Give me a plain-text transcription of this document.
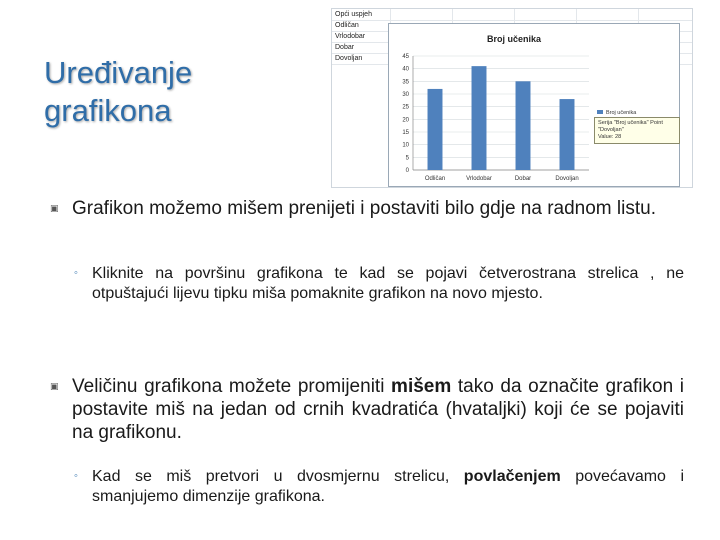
Uređivanje
grafikona
Opći uspjeh
Odličan
Vrlodobar
Dobar
Dovoljan
Broj učenika
0
5
10
15
20
25
30
35
40
45
Odličan	Vrlodobar	Dobar	Dovoljan
Broj učenika
Serija "Broj učenika" Point "Dovoljan"
Value: 28
▣ Grafikon možemo mišem prenijeti i postaviti bilo gdje na radnom listu.
◦ Kliknite na površinu grafikona te kad se pojavi četverostrana strelica , ne otpuštajući lijevu tipku miša pomaknite grafikon na novo mjesto.
▣ Veličinu grafikona možete promijeniti mišem tako da označite grafikon i postavite miš na jedan od crnih kvadratića (hvataljki) koji će se pojaviti na grafikonu.
◦ Kad se miš pretvori u dvosmjernu strelicu, povlačenjem povećavamo i smanjujemo dimenzije grafikona.
